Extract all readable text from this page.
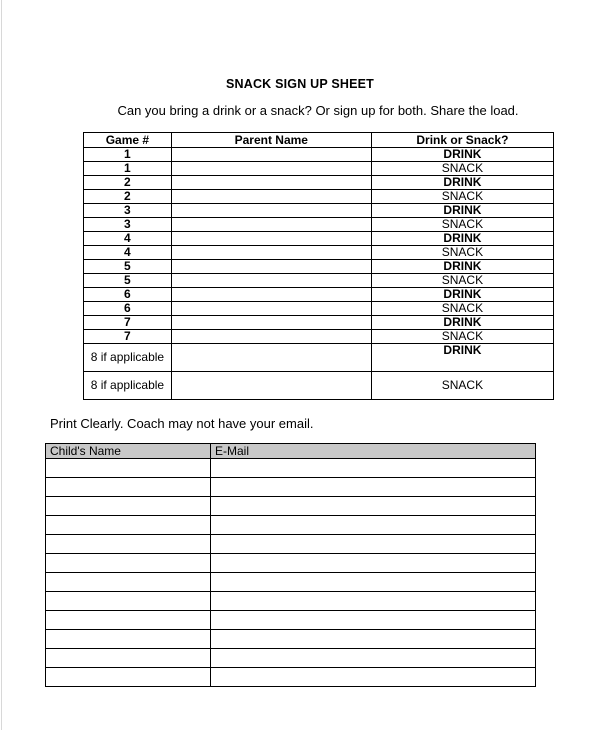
SNACK SIGN UP SHEET
Can you bring a drink or a snack? Or sign up for both. Share the load.
Game #	Parent Name	Drink or Snack?
1		DRINK
1		SNACK
2		DRINK
2		SNACK
3		DRINK
3		SNACK
4		DRINK
4		SNACK
5		DRINK
5		SNACK
6		DRINK
6		SNACK
7		DRINK
7		SNACK
8 if applicable		DRINK
8 if applicable		SNACK
Print Clearly. Coach may not have your email.
Child's Name	E-Mail
